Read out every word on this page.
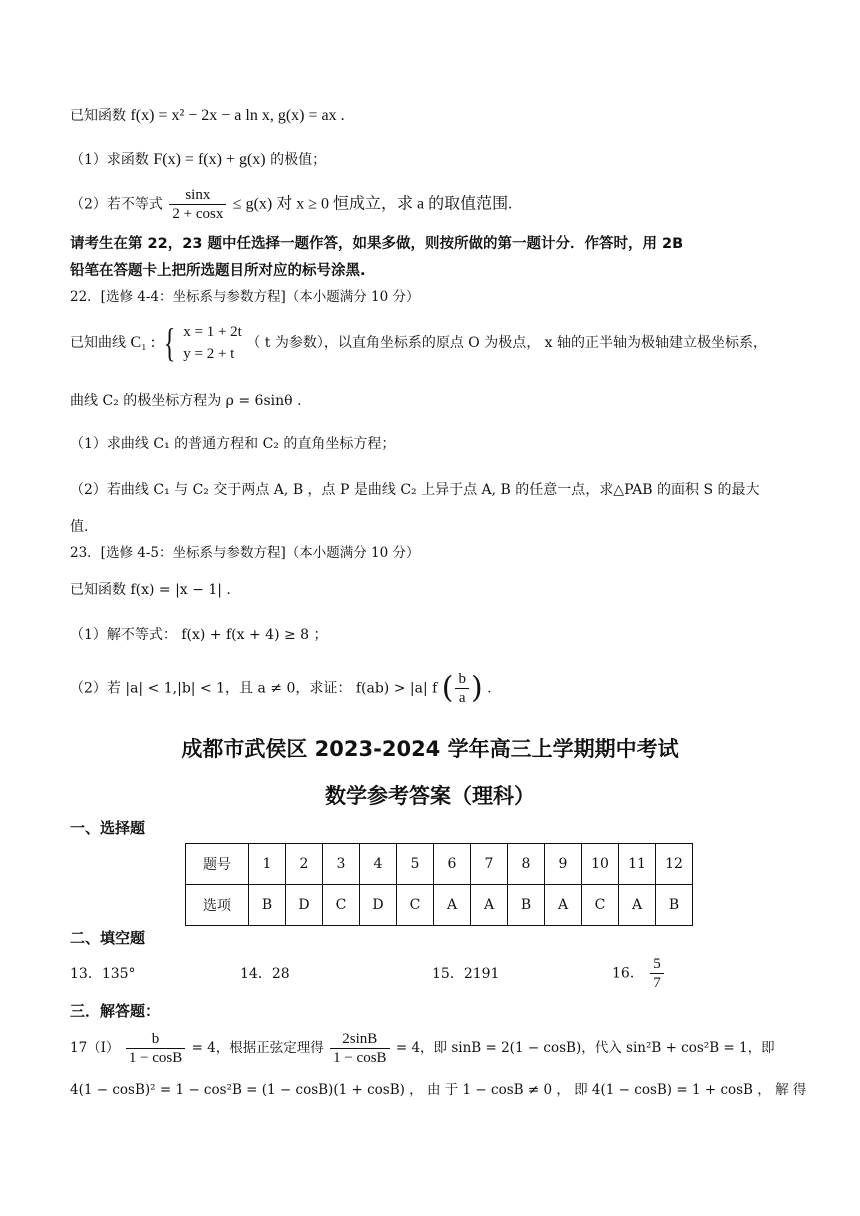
已知函数 f(x) = x² − 2x − a ln x, g(x) = ax .
（1）求函数 F(x) = f(x) + g(x) 的极值；
（2）若不等式 $\frac{\sin x}{2 + \cos x} \le g(x)$ 对 x ≥ 0 恒成立，求 a 的取值范围.
请考生在第 22，23 题中任选择一题作答，如果多做，则按所做的第一题计分．作答时，用 2B
铅笔在答题卡上把所选题目所对应的标号涂黑.
22．[选修 4-4：坐标系与参数方程]（本小题满分 10 分）
已知曲线 C₁ : { x = 1 + 2t
y = 2 + t
（ t 为参数），以直角坐标系的原点 O 为极点， x 轴的正半轴为极轴建立极坐标系，
曲线 C₂ 的极坐标方程为 ρ = 6sinθ .
（1）求曲线 C₁ 的普通方程和 C₂ 的直角坐标方程；
（2）若曲线 C₁ 与 C₂ 交于两点 A, B ，点 P 是曲线 C₂ 上异于点 A, B 的任意一点，求△PAB 的面积 S 的最大
值.
23．[选修 4-5：坐标系与参数方程]（本小题满分 10 分）
已知函数 f(x) = |x − 1| .
（1）解不等式： f(x) + f(x + 4) ≥ 8 ；
（2）若 |a| < 1,|b| < 1，且 a ≠ 0，求证： f(ab) > |a| f ( $\frac{b}{a}$ ) .
成都市武侯区 2023-2024 学年高三上学期期中考试
数学参考答案（理科）
一、选择题
题号	1	2	3	4	5	6	7	8	9	10	11	12
选项	B	D	C	D	C	A	A	B	A	C	A	B
二、填空题
13．135°	14．28	15．2191	16． $\frac{5}{7}$
三．解答题：
17（Ⅰ） $\frac{b}{1 - \cos B} = 4$，根据正弦定理得 $\frac{2\sin B}{1 - \cos B} = 4$，即 sinB = 2(1 − cosB)，代入 sin²B + cos²B = 1，即
4(1 − cosB)² = 1 − cos²B = (1 − cosB)(1 + cosB) ， 由 于 1 − cosB ≠ 0 ， 即 4(1 − cosB) = 1 + cosB ， 解 得
